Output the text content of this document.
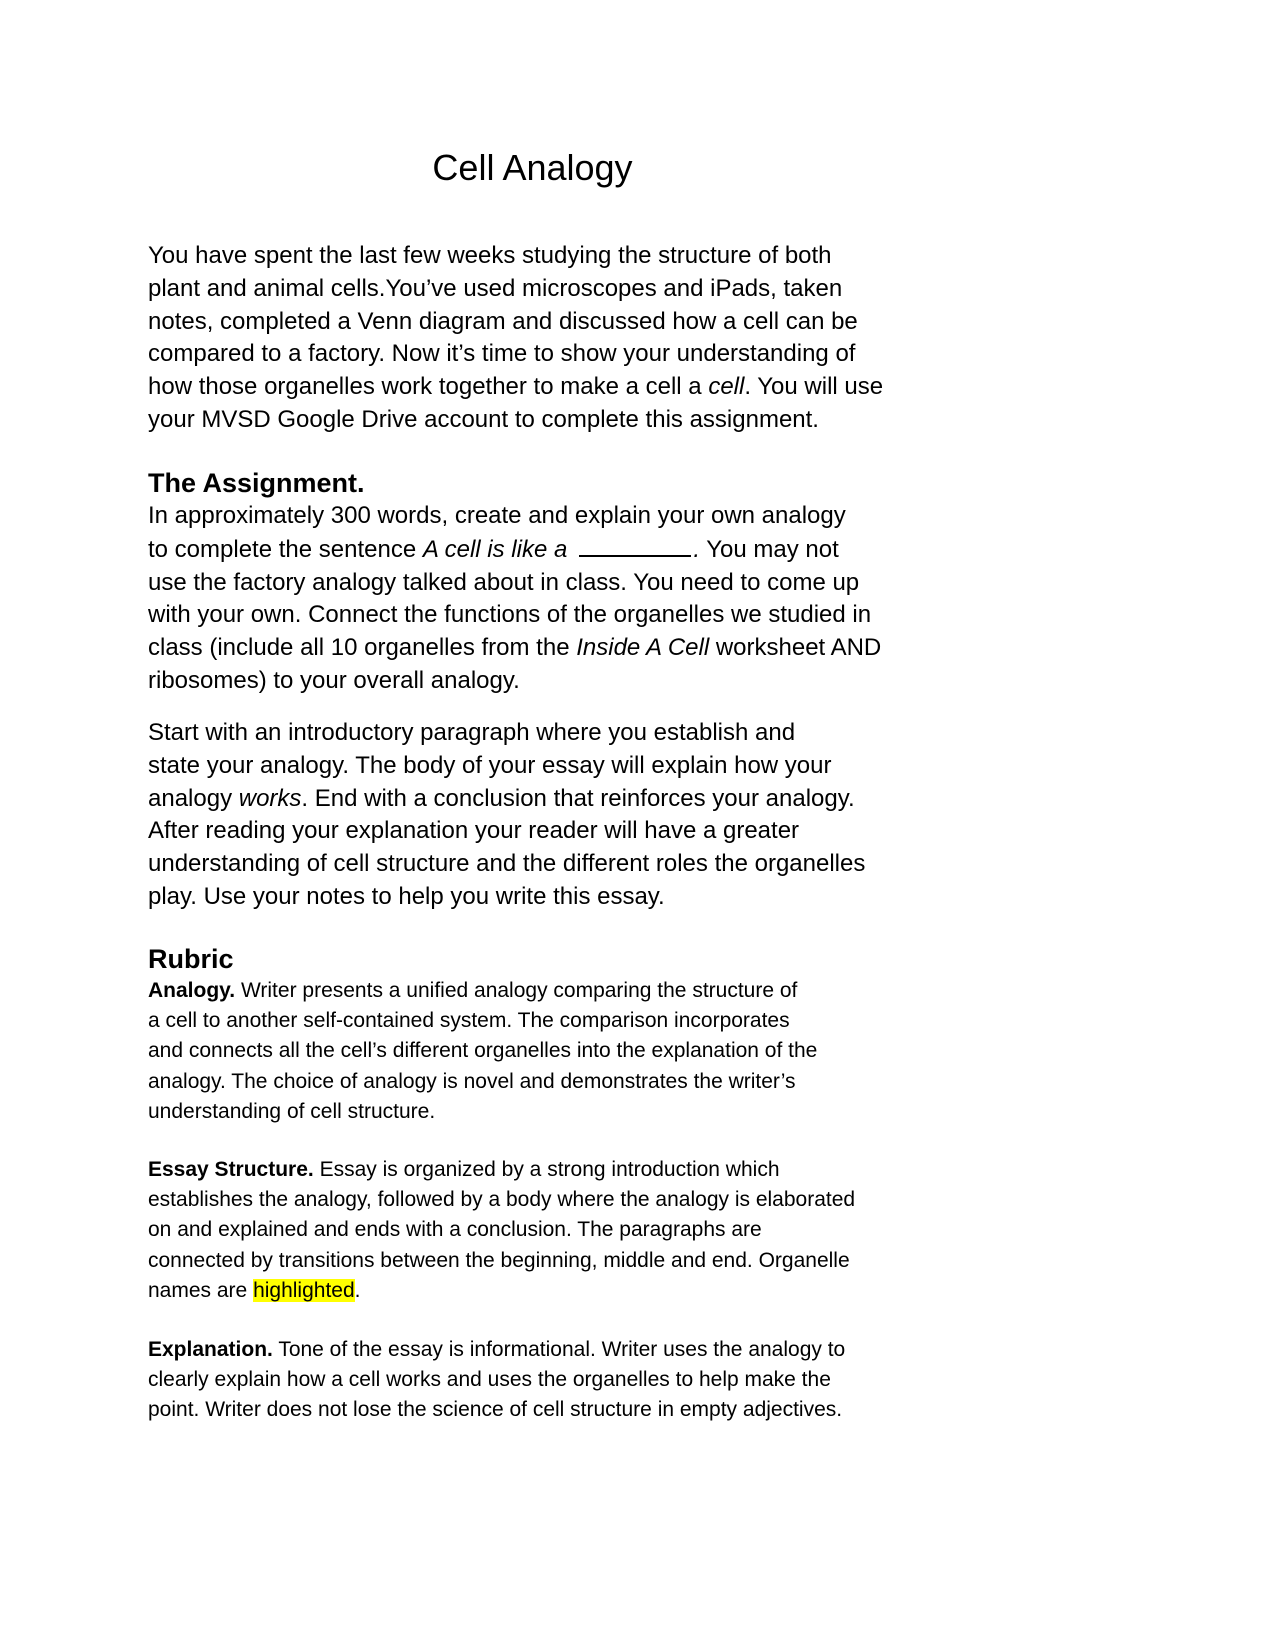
Cell Analogy

You have spent the last few weeks studying the structure of both
plant and animal cells.You’ve used microscopes and iPads, taken
notes, completed a Venn diagram and discussed how a cell can be
compared to a factory. Now it’s time to show your understanding of
how those organelles work together to make a cell a cell. You will use
your MVSD Google Drive account to complete this assignment.

The Assignment.

In approximately 300 words, create and explain your own analogy
to complete the sentence A cell is like a	. You may not
use the factory analogy talked about in class. You need to come up
with your own. Connect the functions of the organelles we studied in
class (include all 10 organelles from the Inside A Cell worksheet AND
ribosomes) to your overall analogy.

Start with an introductory paragraph where you establish and
state your analogy. The body of your essay will explain how your
analogy works. End with a conclusion that reinforces your analogy.
After reading your explanation your reader will have a greater
understanding of cell structure and the different roles the organelles
play. Use your notes to help you write this essay.

Rubric

Analogy. Writer presents a unified analogy comparing the structure of
a cell to another self-contained system. The comparison incorporates
and connects all the cell’s different organelles into the explanation of the
analogy. The choice of analogy is novel and demonstrates the writer’s
understanding of cell structure.

Essay Structure. Essay is organized by a strong introduction which
establishes the analogy, followed by a body where the analogy is elaborated
on and explained and ends with a conclusion. The paragraphs are
connected by transitions between the beginning, middle and end. Organelle
names are highlighted.

Explanation. Tone of the essay is informational. Writer uses the analogy to
clearly explain how a cell works and uses the organelles to help make the
point. Writer does not lose the science of cell structure in empty adjectives.
